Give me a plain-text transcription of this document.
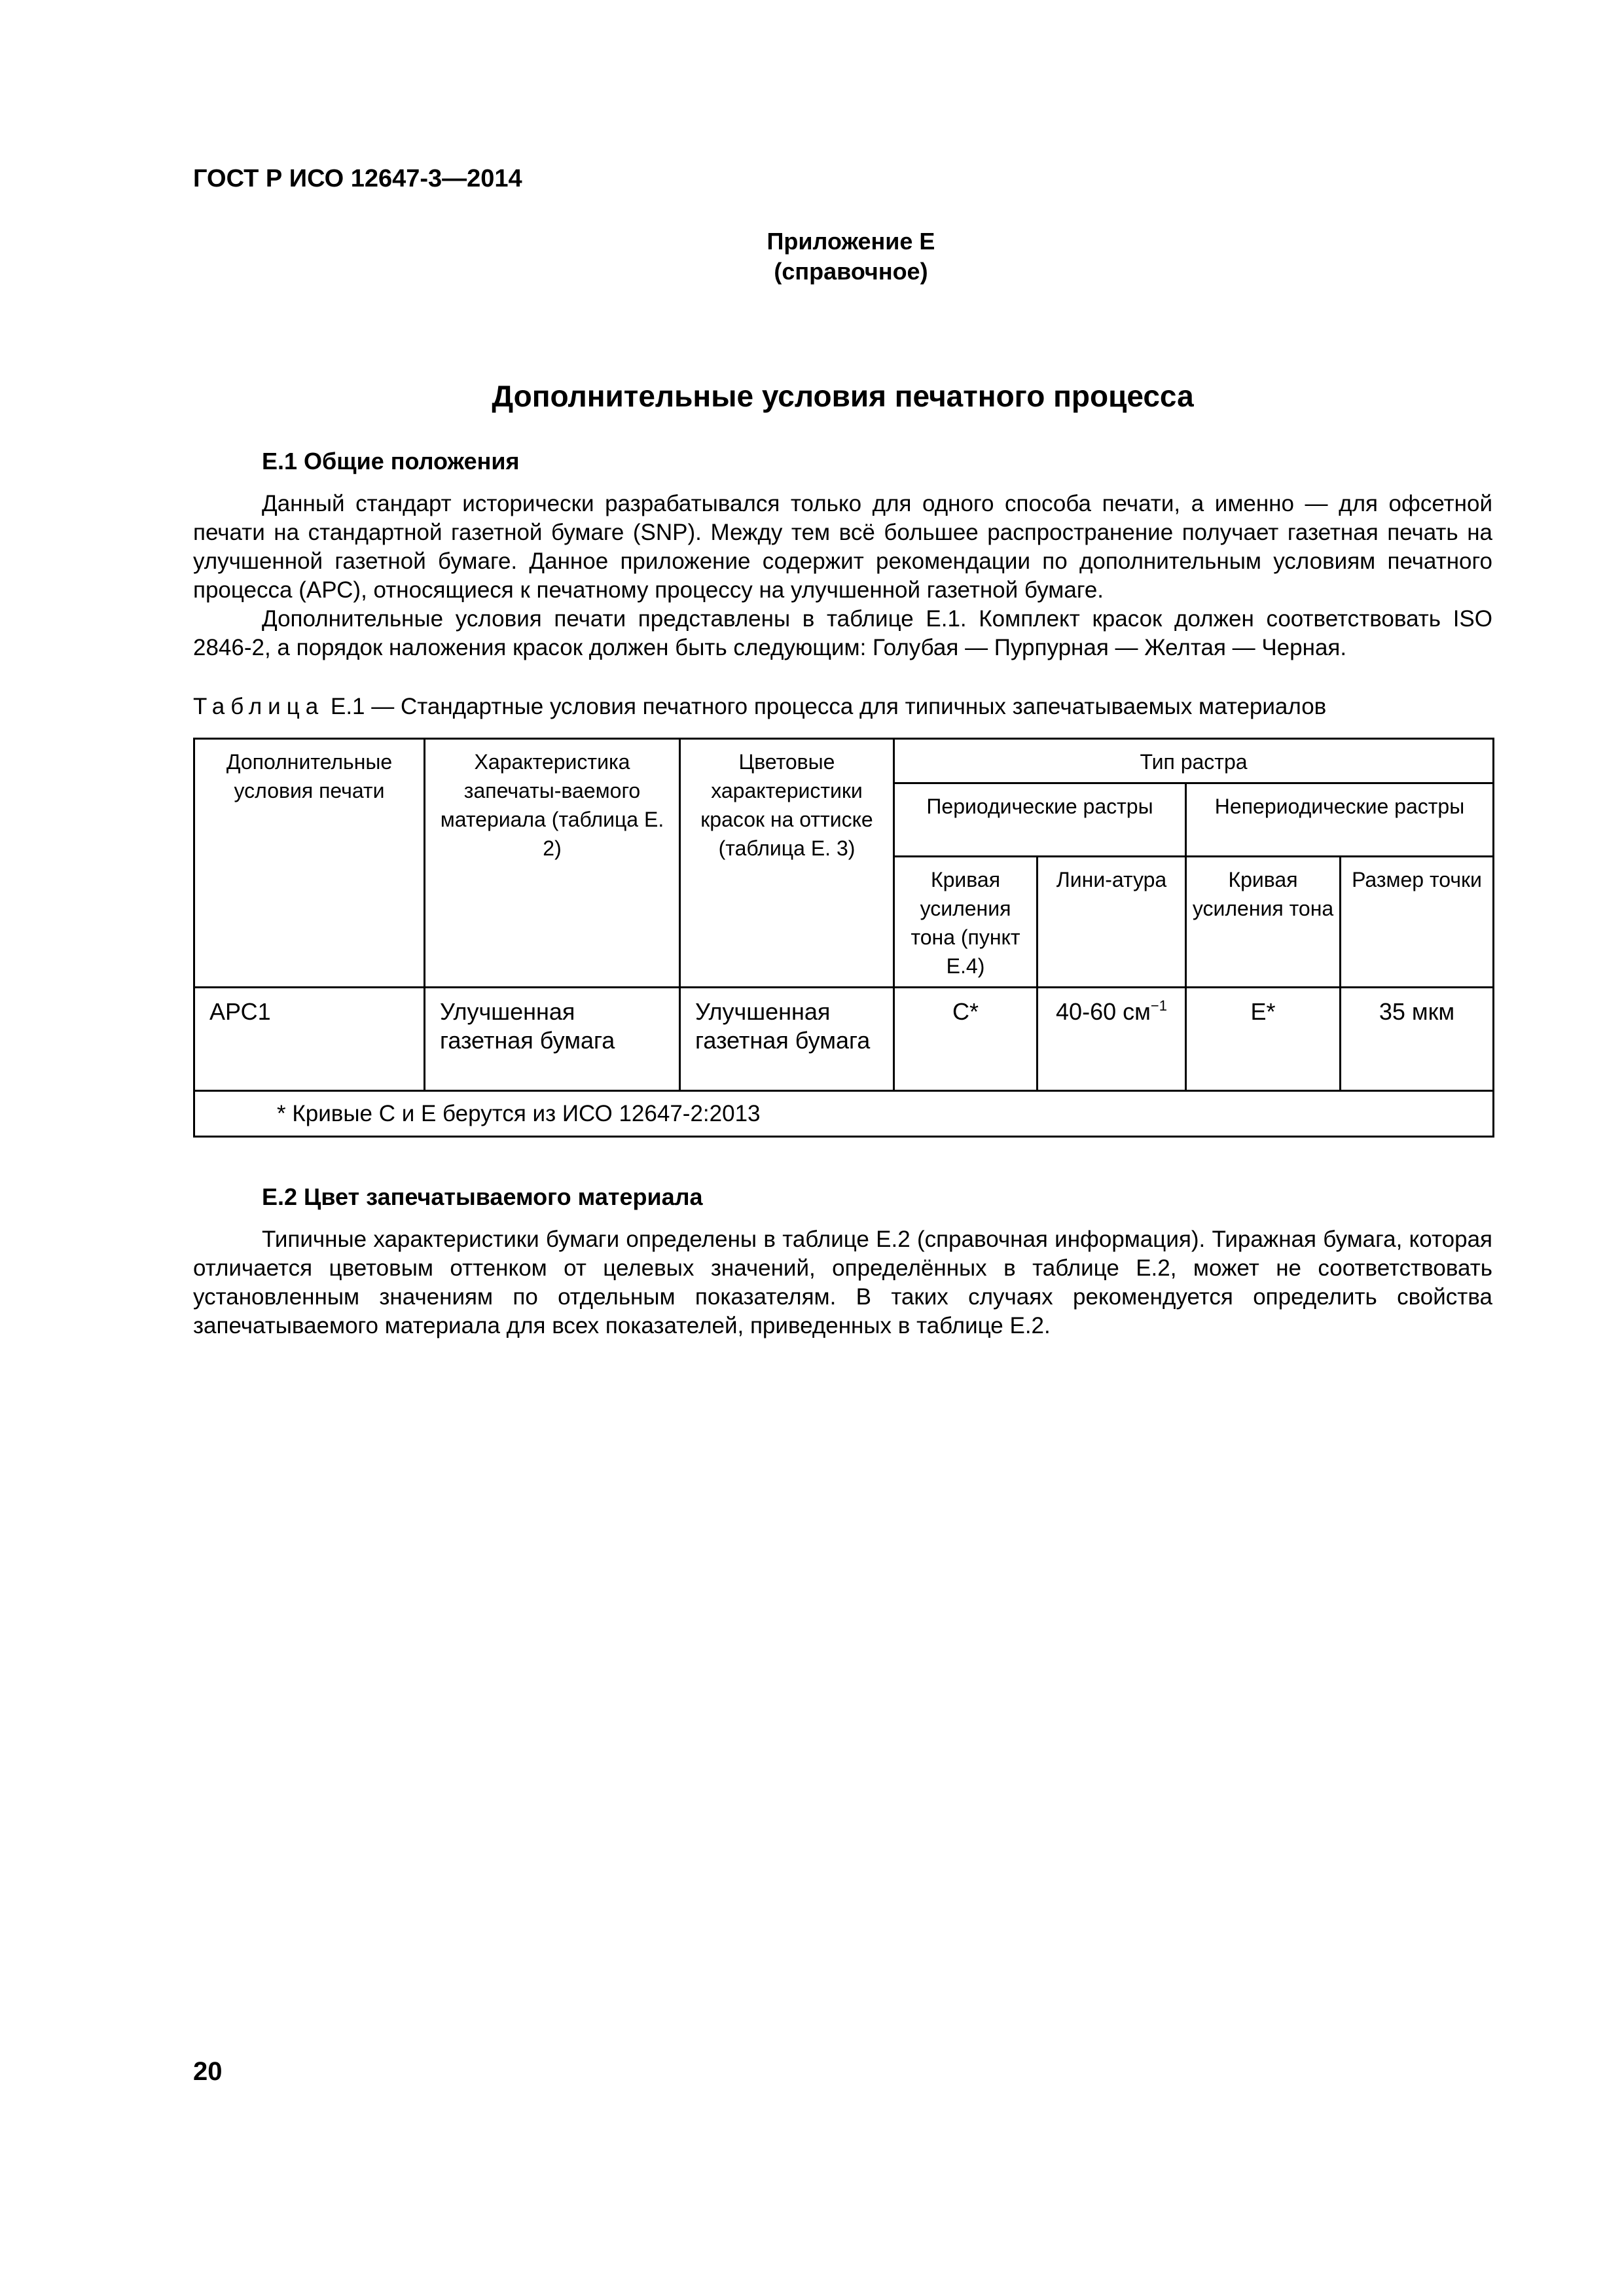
ГОСТ Р ИСО 12647-3—2014
Приложение Е
(справочное)
Дополнительные условия печатного процесса
Е.1 Общие положения

Данный стандарт исторически разрабатывался только для одного способа печати, а именно — для офсетной печати на стандартной газетной бумаге (SNP). Между тем всё большее распространение получает газетная печать на улучшенной газетной бумаге. Данное приложение содержит рекомендации по дополнительным условиям печатного процесса (АРС), относящиеся к печатному процессу на улучшенной газетной бумаге.

Дополнительные условия печати представлены в таблице Е.1. Комплект красок должен соответствовать ISO 2846-2, а порядок наложения красок должен быть следующим: Голубая — Пурпурная — Желтая — Черная.

Таблица Е.1 — Стандартные условия печатного процесса для типичных запечатываемых материалов
Дополнительные условия печати	Характеристика запечаты-ваемого материала (таблица Е. 2)	Цветовые характеристики красок на оттиске (таблица Е. 3)	Тип растра			
			Периодические растры		Непериодические растры	
			Кривая усиления тона (пункт Е.4)	Лини-атура	Кривая усиления тона	Размер точки
АРС1	Улучшенная газетная бумага	Улучшенная газетная бумага	C*	40-60 $см^{-1}$	E*	35 мкм
* Кривые С и Е берутся из ИСО 12647-2:2013						
Е.2 Цвет запечатываемого материала

Типичные характеристики бумаги определены в таблице Е.2 (справочная информация). Тиражная бумага, которая отличается цветовым оттенком от целевых значений, определённых в таблице Е.2, может не соответствовать установленным значениям по отдельным показателям. В таких случаях рекомендуется определить свойства запечатываемого материала для всех показателей, приведенных в таблице Е.2.

20
